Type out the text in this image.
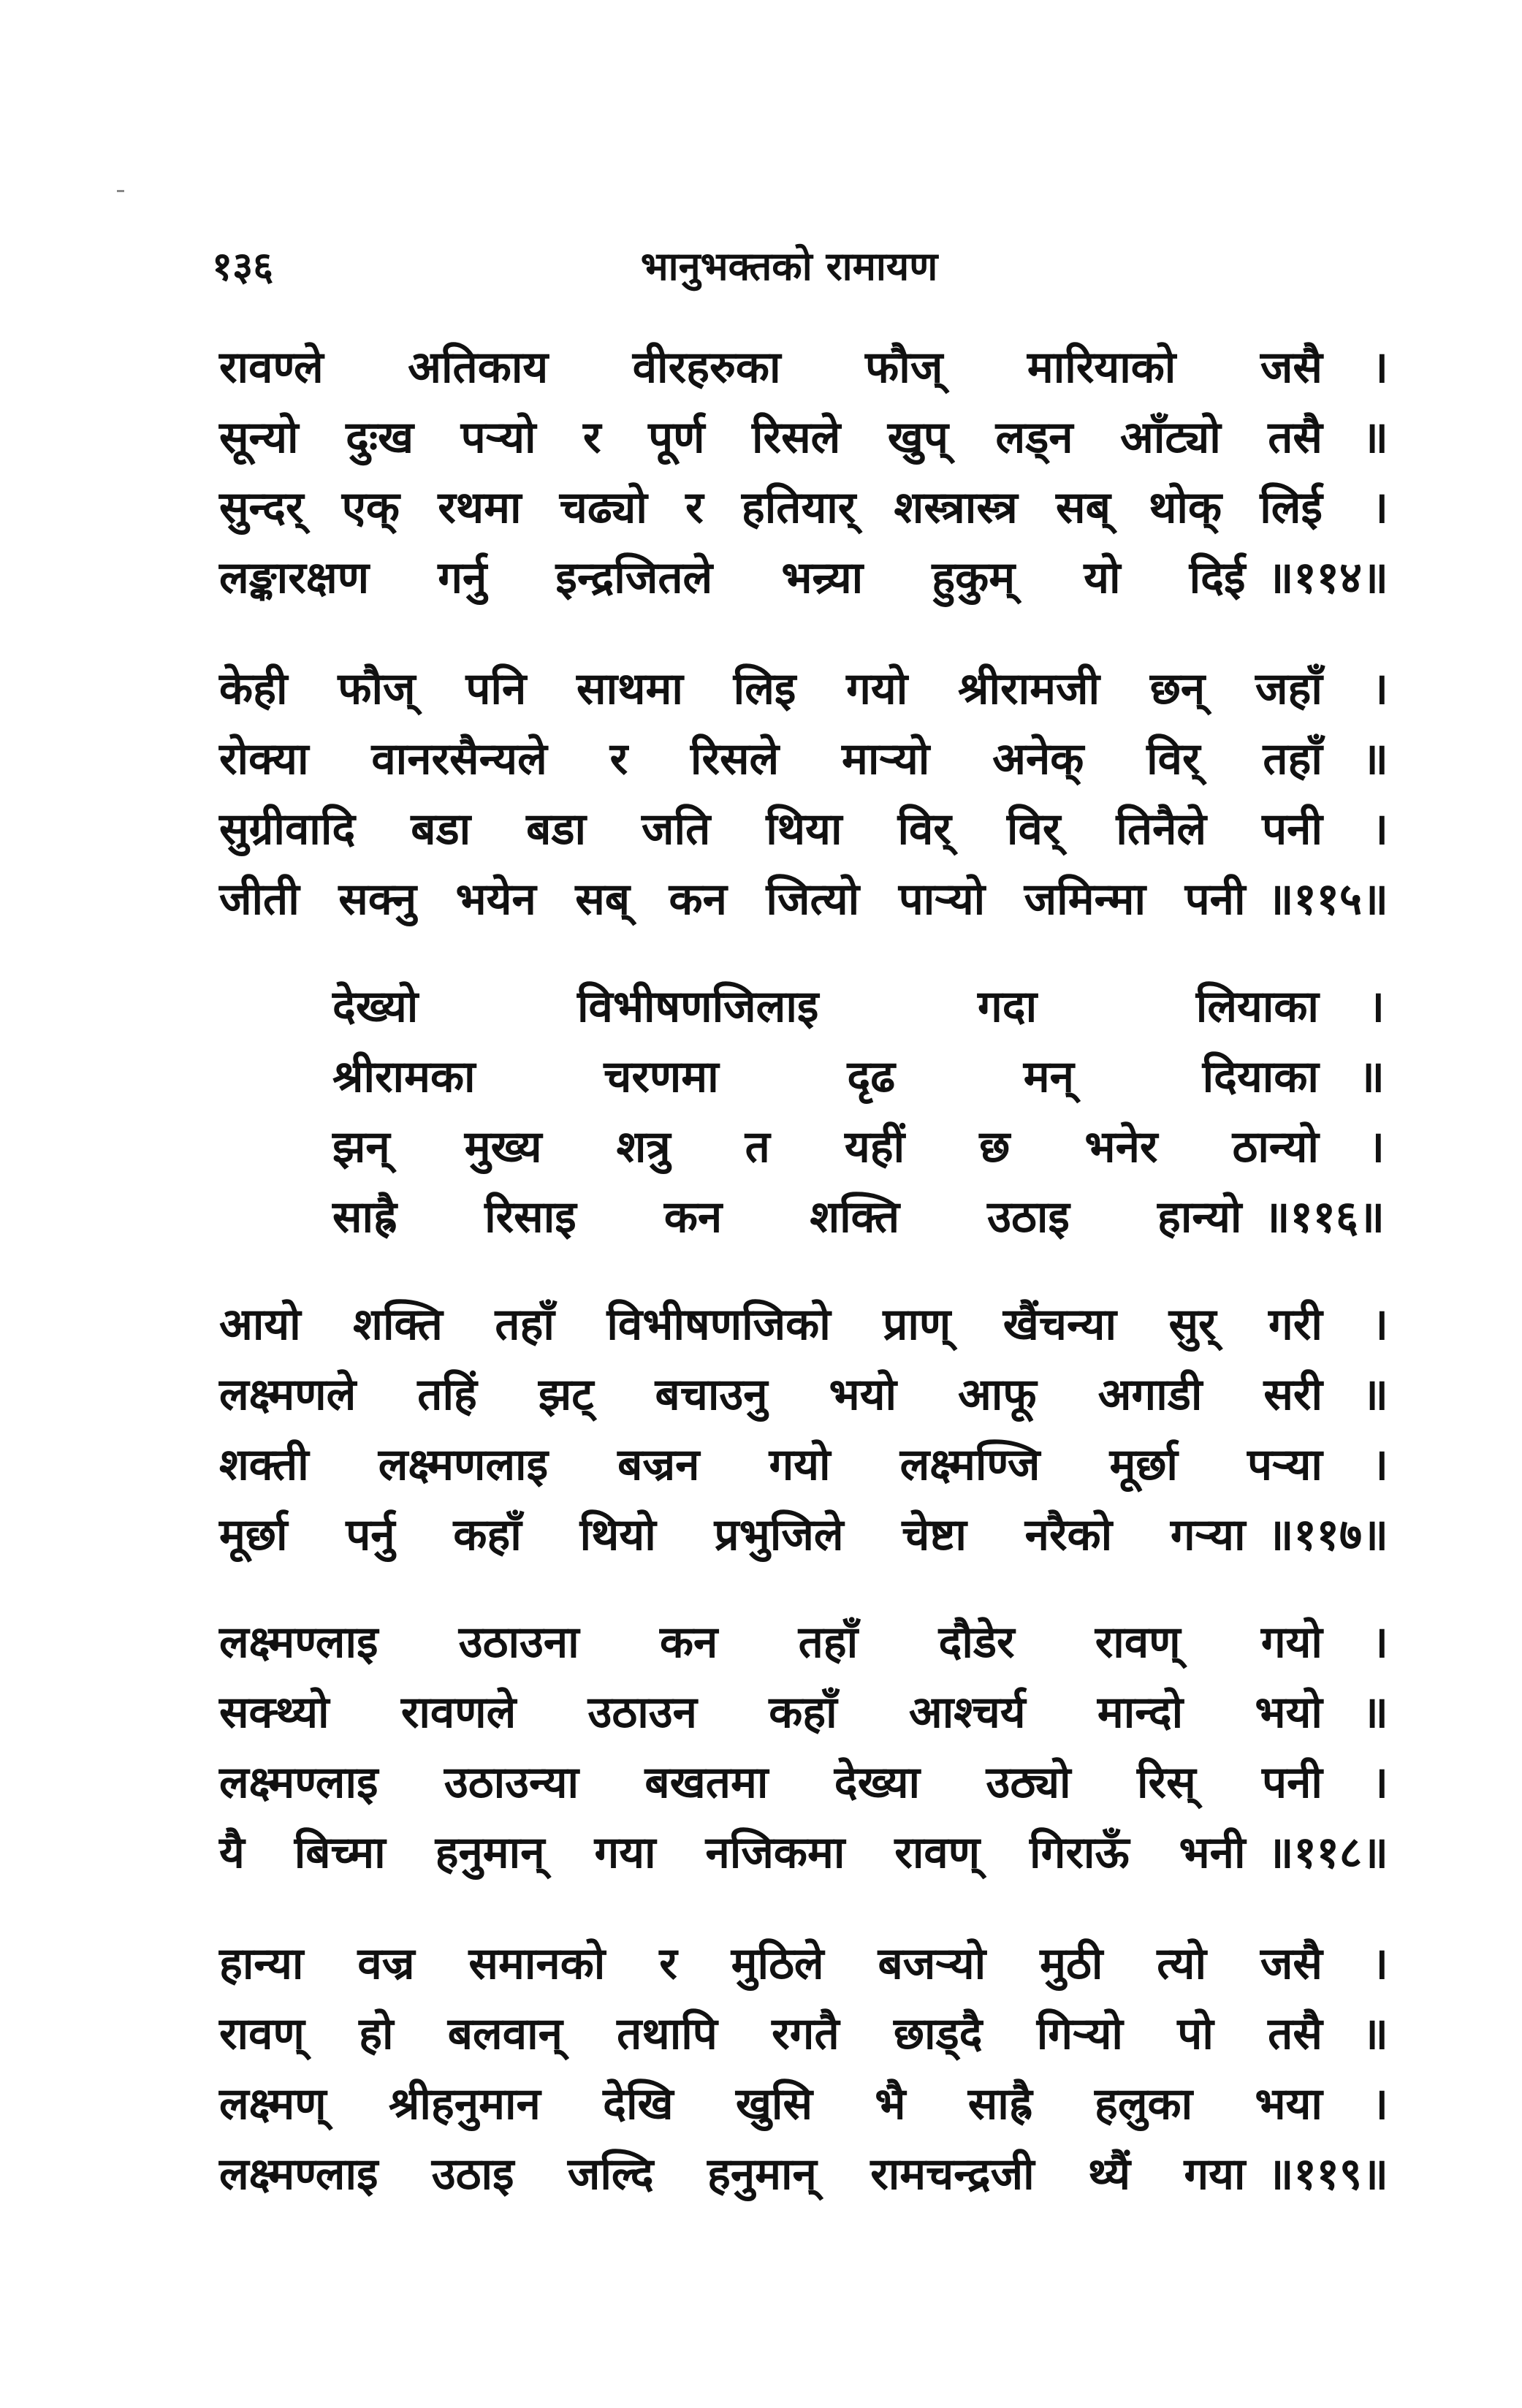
१३६	भानुभक्तको रामायण
रावण्ले अतिकाय वीरहरुका फौज् मारियाको जसै	।
सून्यो दुःख पऱ्यो र पूर्ण रिसले खुप् लड्न आँट्यो तसै ॥
सुन्दर् एक् रथमा चढ्यो र हतियार् शस्त्रास्त्र सब् थोक् लिई	।
लङ्कारक्षण गर्नु इन्द्रजितले भन्र्या हुकुम् यो दिई ॥११४॥
केही फौज् पनि साथमा लिइ गयो श्रीरामजी छन् जहाँ	।
रोक्या वानरसैन्यले र रिसले माऱ्यो अनेक् विर् तहाँ ॥
सुग्रीवादि बडा बडा जति थिया विर् विर् तिनैले पनी	।
जीती सक्नु भयेन सब् कन जित्यो पाऱ्यो जमिन्मा पनी ॥११५॥
देख्यो	विभीषणजिलाइ	गदा	लियाका	।
श्रीरामका	चरणमा	दृढ	मन्	दियाका ॥
झन् मुख्य शत्रु त यहीं छ भनेर ठान्यो	।
साह्रै रिसाइ कन शक्ति उठाइ हान्यो ॥११६॥
आयो शक्ति तहाँ विभीषणजिको प्राण् खैंचन्या सुर् गरी	।
लक्ष्मणले तहिं झट् बचाउनु भयो आफू अगाडी सरी ॥
शक्ती लक्ष्मणलाइ बज्रन गयो लक्ष्मण्जि मूर्छा पऱ्या	।
मूर्छा पर्नु कहाँ थियो प्रभुजिले चेष्टा नरैको गऱ्या ॥११७॥
लक्ष्मण्लाइ उठाउना कन तहाँ दौडेर रावण् गयो	।
सक्थ्यो रावणले उठाउन कहाँ आश्चर्य मान्दो भयो ॥
लक्ष्मण्लाइ उठाउन्या बखतमा देख्या उठ्यो रिस् पनी	।
यै बिच्मा हनुमान् गया नजिकमा रावण् गिराऊँ भनी ॥११८॥
हान्या वज्र समानको र मुठिले बजऱ्यो मुठी त्यो जसै	।
रावण् हो बलवान् तथापि रगतै छाड्दै गिऱ्यो पो तसै ॥
लक्ष्मण् श्रीहनुमान देखि खुसि भै साह्रै हलुका भया	।
लक्ष्मण्लाइ उठाइ जल्दि हनुमान् रामचन्द्रजी थ्यैं गया ॥११९॥
